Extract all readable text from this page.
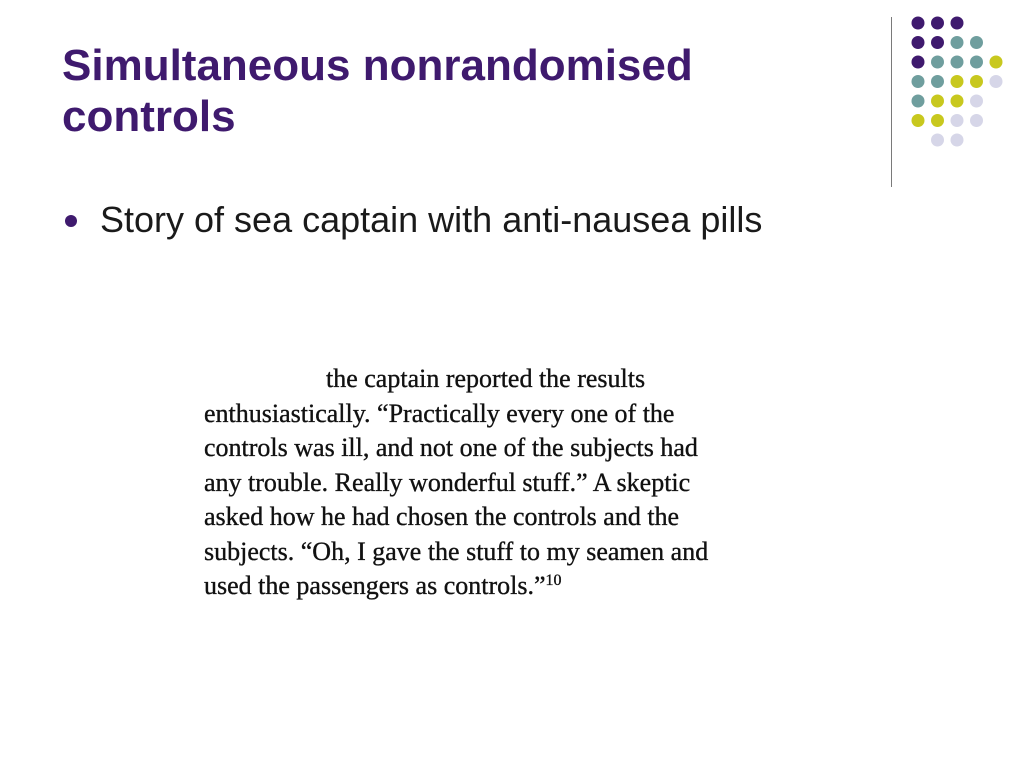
Simultaneous nonrandomised controls
Story of sea captain with anti-nausea pills
the captain reported the results
enthusiastically. “Practically every one of the
controls was ill, and not one of the subjects had
any trouble. Really wonderful stuff.” A skeptic
asked how he had chosen the controls and the
subjects. “Oh, I gave the stuff to my seamen and
used the passengers as controls.”$^{10}$
